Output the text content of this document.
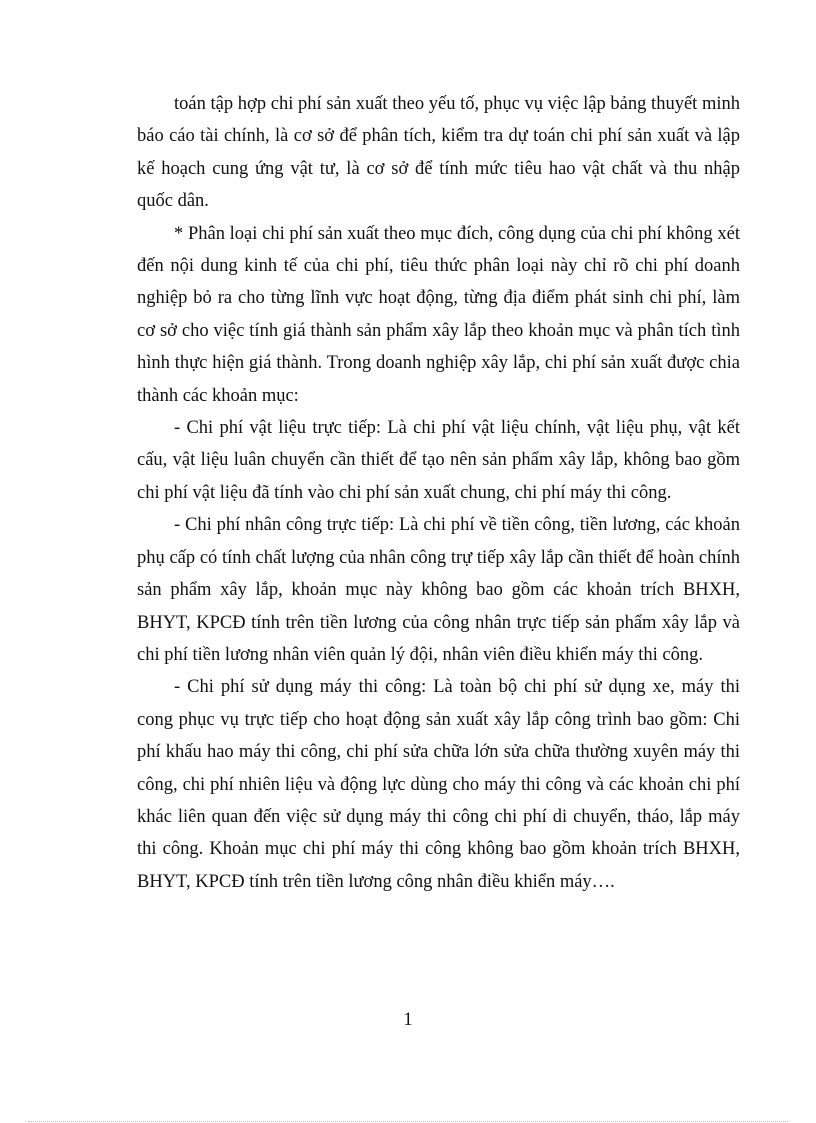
toán tập hợp chi phí sản xuất theo yếu tố, phục vụ việc lập bảng thuyết minh báo cáo tài chính, là cơ sở để phân tích, kiểm tra dự toán chi phí sản xuất và lập kế hoạch cung ứng vật tư, là cơ sở để tính mức tiêu hao vật chất và thu nhập quốc dân.

* Phân loại chi phí sản xuất theo mục đích, công dụng của chi phí không xét đến nội dung kinh tế của chi phí, tiêu thức phân loại này chỉ rõ chi phí doanh nghiệp bỏ ra cho từng lĩnh vực hoạt động, từng địa điểm phát sinh chi phí, làm cơ sở cho việc tính giá thành sản phẩm xây lắp theo khoản mục và phân tích tình hình thực hiện giá thành. Trong doanh nghiệp xây lắp, chi phí sản xuất được chia thành các khoản mục:

- Chi phí vật liệu trực tiếp: Là chi phí vật liệu chính, vật liệu phụ, vật kết cấu, vật liệu luân chuyển cần thiết để tạo nên sản phẩm xây lắp, không bao gồm chi phí vật liệu đã tính vào chi phí sản xuất chung, chi phí máy thi công.

- Chi phí nhân công trực tiếp: Là chi phí về tiền công, tiền lương, các khoản phụ cấp có tính chất lượng của nhân công trự tiếp xây lắp cần thiết để hoàn chính sản phẩm xây lắp, khoản mục này không bao gồm các khoản trích BHXH, BHYT, KPCĐ tính trên tiền lương của công nhân trực tiếp sản phẩm xây lắp và chi phí tiền lương nhân viên quản lý đội, nhân viên điều khiển máy thi công.

- Chi phí sử dụng máy thi công: Là toàn bộ chi phí sử dụng xe, máy thi cong phục vụ trực tiếp cho hoạt động sản xuất xây lắp công trình bao gồm: Chi phí khấu hao máy thi công, chi phí sửa chữa lớn sửa chữa thường xuyên máy thi công, chi phí nhiên liệu và động lực dùng cho máy thi công và các khoản chi phí khác liên quan đến việc sử dụng máy thi công chi phí di chuyển, tháo, lắp máy thi công. Khoản mục chi phí máy thi công không bao gồm khoản trích BHXH, BHYT, KPCĐ tính trên tiền lương công nhân điều khiển máy….

1
